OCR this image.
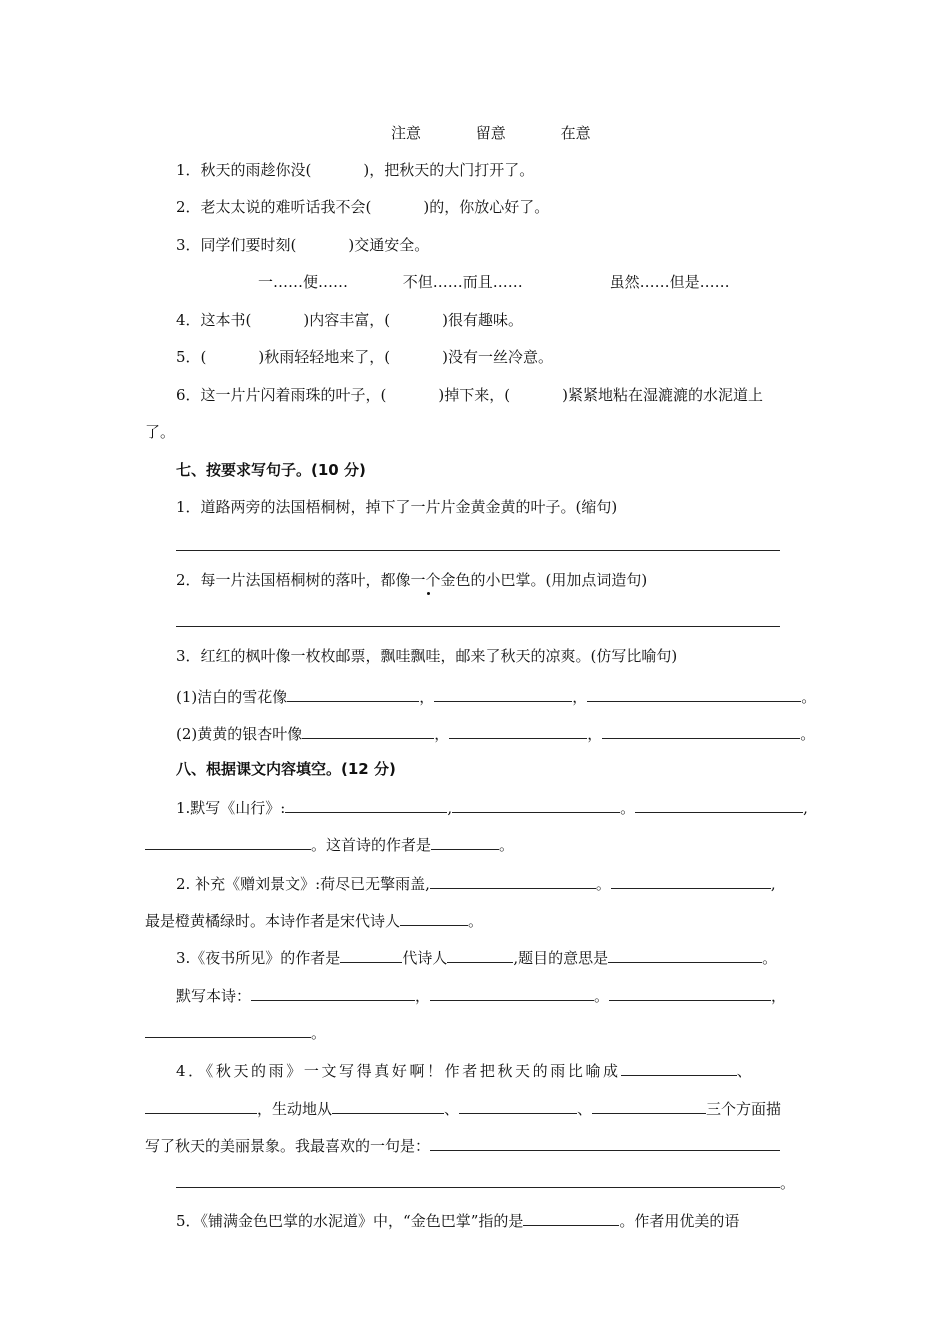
注意	留意	在意
1．秋天的雨趁你没(	)，把秋天的大门打开了。
2．老太太说的难听话我不会(	)的，你放心好了。
3．同学们要时刻(	)交通安全。
一……便……	不但……而且……	虽然……但是……
4．这本书(	)内容丰富，(	)很有趣味。
5．(	)秋雨轻轻地来了，(	)没有一丝冷意。
6．这一片片闪着雨珠的叶子，(	)掉下来，(	)紧紧地粘在湿漉漉的水泥道上
了。
七、按要求写句子。(10 分)
1．道路两旁的法国梧桐树，掉下了一片片金黄金黄的叶子。(缩句)
2．每一片法国梧桐树的落叶，都像一个金色的小巴掌。(用加点词造句)
3．红红的枫叶像一枚枚邮票，飘哇飘哇，邮来了秋天的凉爽。(仿写比喻句)
(1)洁白的雪花像	，	，	。
(2)黄黄的银杏叶像	，	，	。
八、根据课文内容填空。(12 分)
1.默写《山行》:	,	。	,
。这首诗的作者是	。
2. 补充《赠刘景文》:荷尽已无擎雨盖,	。	,
最是橙黄橘绿时。本诗作者是宋代诗人	。
3.《夜书所见》的作者是	代诗人	,题目的意思是	。
默写本诗：	，	。	，
。
4．《秋天的雨》一文写得真好啊！作者把秋天的雨比喻成	、
，生动地从	、	、	三个方面描
写了秋天的美丽景象。我最喜欢的一句是：
。
5．《铺满金色巴掌的水泥道》中，“金色巴掌”指的是	。作者用优美的语
